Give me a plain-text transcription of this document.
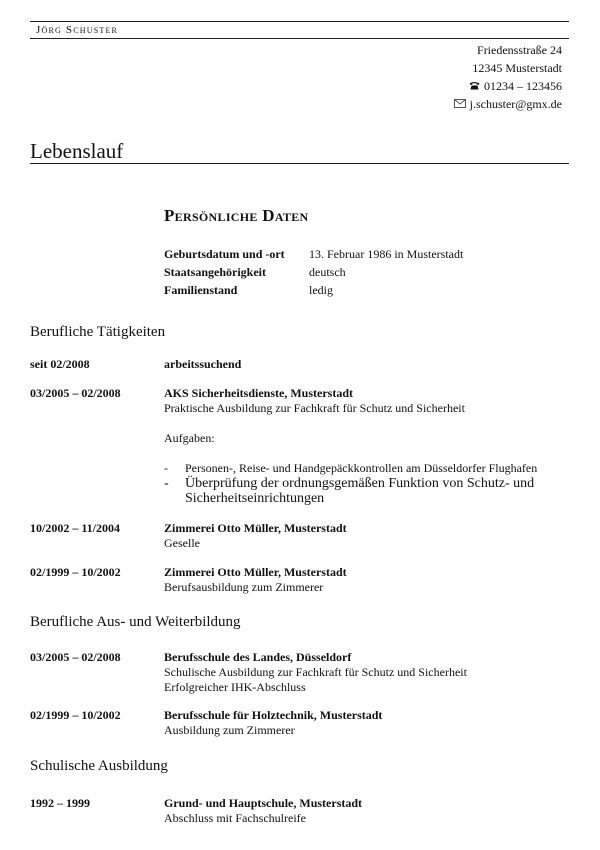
Jörg Schuster
Friedensstraße 24
12345 Musterstadt
01234 – 123456
j.schuster@gmx.de
Lebenslauf
Persönliche Daten
Geburtsdatum und -ort	13. Februar 1986 in Musterstadt
Staatsangehörigkeit	deutsch
Familienstand	ledig
Berufliche Tätigkeiten
seit 02/2008	arbeitssuchend
03/2005 – 02/2008	AKS Sicherheitsdienste, Musterstadt
Praktische Ausbildung zur Fachkraft für Schutz und Sicherheit
Aufgaben:
-	Personen-, Reise- und Handgepäckkontrollen am Düsseldorfer Flughafen
-	Überprüfung der ordnungsgemäßen Funktion von Schutz- und Sicherheitseinrichtungen
10/2002 – 11/2004	Zimmerei Otto Müller, Musterstadt
Geselle
02/1999 – 10/2002	Zimmerei Otto Müller, Musterstadt
Berufsausbildung zum Zimmerer
Berufliche Aus- und Weiterbildung
03/2005 – 02/2008	Berufsschule des Landes, Düsseldorf
Schulische Ausbildung zur Fachkraft für Schutz und Sicherheit
Erfolgreicher IHK-Abschluss
02/1999 – 10/2002	Berufsschule für Holztechnik, Musterstadt
Ausbildung zum Zimmerer
Schulische Ausbildung
1992 – 1999	Grund- und Hauptschule, Musterstadt
Abschluss mit Fachschulreife
